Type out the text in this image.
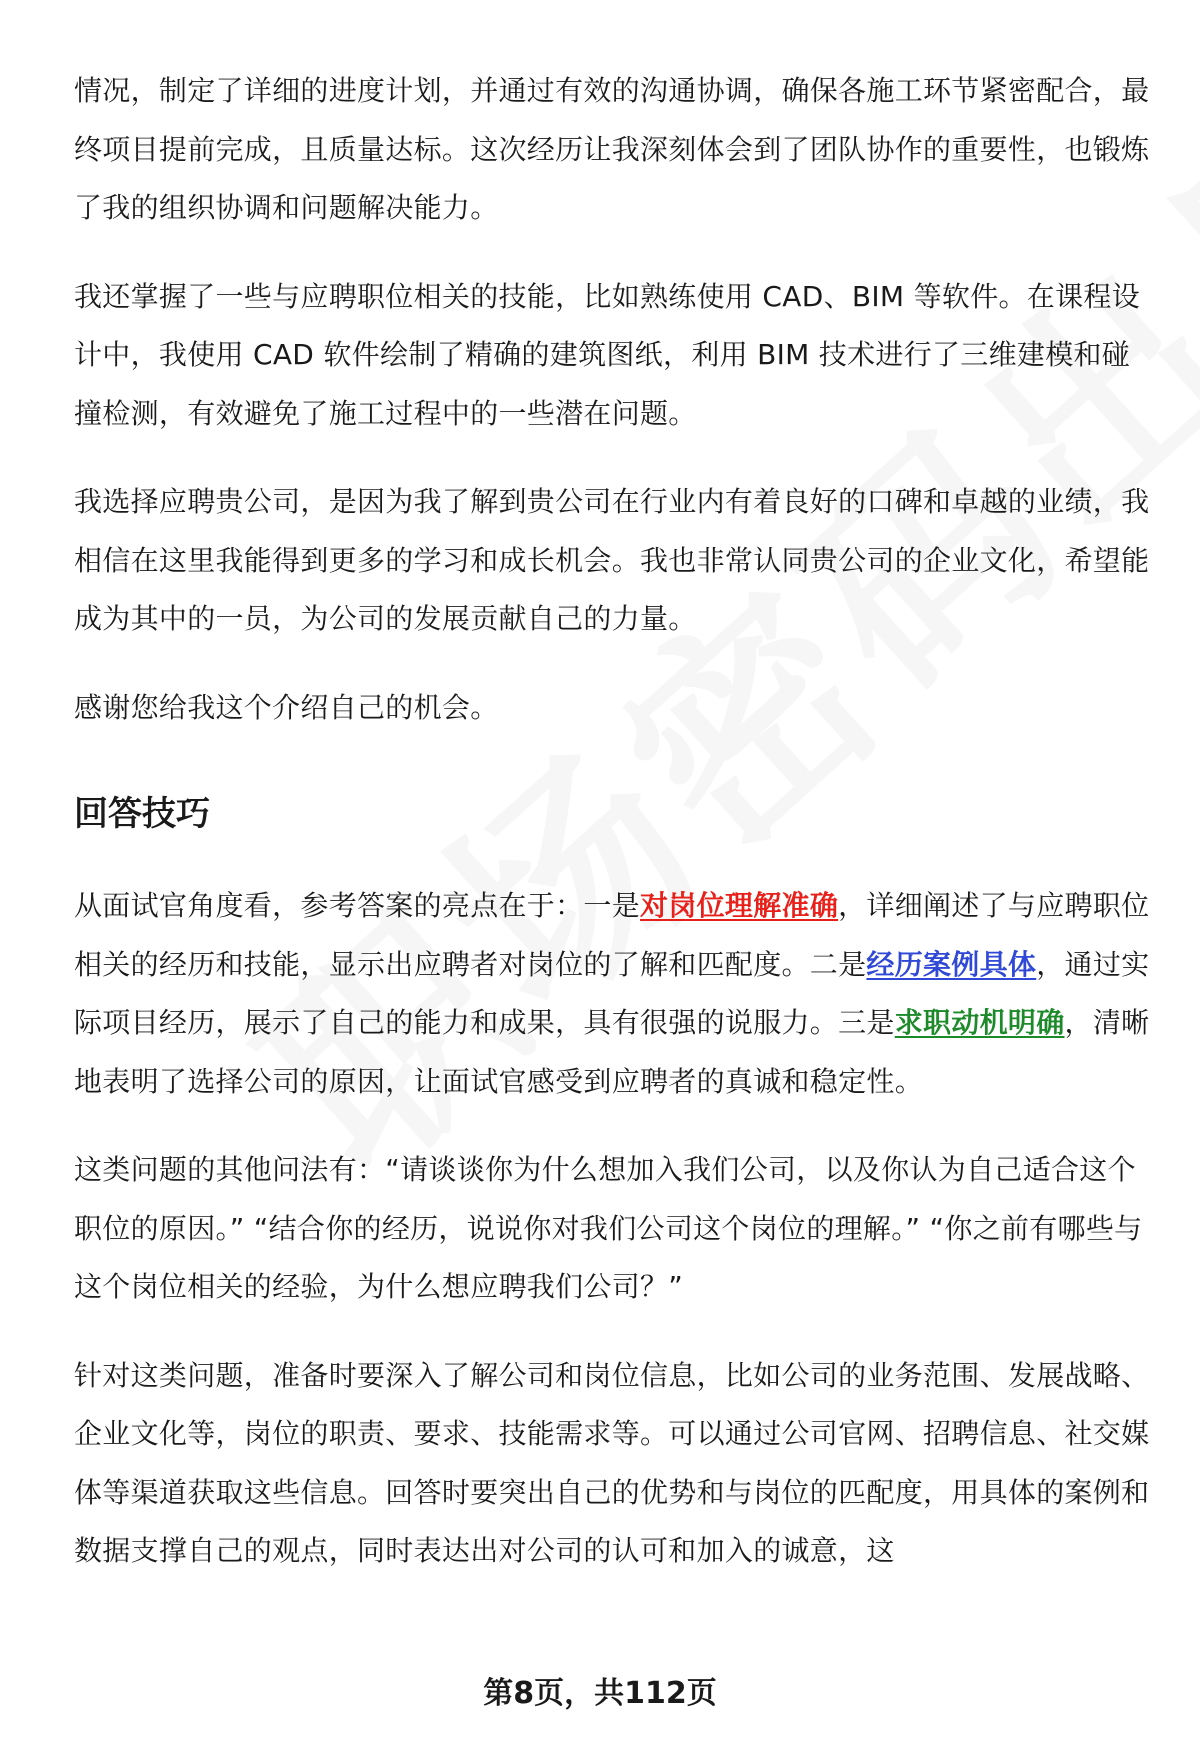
情况，制定了详细的进度计划，并通过有效的沟通协调，确保各施工环节紧密配合，最终项目提前完成，且质量达标。这次经历让我深刻体会到了团队协作的重要性，也锻炼了我的组织协调和问题解决能力。

我还掌握了一些与应聘职位相关的技能，比如熟练使用 CAD、BIM 等软件。在课程设计中，我使用 CAD 软件绘制了精确的建筑图纸，利用 BIM 技术进行了三维建模和碰撞检测，有效避免了施工过程中的一些潜在问题。

我选择应聘贵公司，是因为我了解到贵公司在行业内有着良好的口碑和卓越的业绩，我相信在这里我能得到更多的学习和成长机会。我也非常认同贵公司的企业文化，希望能成为其中的一员，为公司的发展贡献自己的力量。

感谢您给我这个介绍自己的机会。

回答技巧

从面试官角度看，参考答案的亮点在于：一是对岗位理解准确，详细阐述了与应聘职位相关的经历和技能，显示出应聘者对岗位的了解和匹配度。二是经历案例具体，通过实际项目经历，展示了自己的能力和成果，具有很强的说服力。三是求职动机明确，清晰地表明了选择公司的原因，让面试官感受到应聘者的真诚和稳定性。

这类问题的其他问法有：“请谈谈你为什么想加入我们公司，以及你认为自己适合这个职位的原因。” “结合你的经历，说说你对我们公司这个岗位的理解。” “你之前有哪些与这个岗位相关的经验，为什么想应聘我们公司？”

针对这类问题，准备时要深入了解公司和岗位信息，比如公司的业务范围、发展战略、企业文化等，岗位的职责、要求、技能需求等。可以通过公司官网、招聘信息、社交媒体等渠道获取这些信息。回答时要突出自己的优势和与岗位的匹配度，用具体的案例和数据支撑自己的观点，同时表达出对公司的认可和加入的诚意，这

第8页，共112页
